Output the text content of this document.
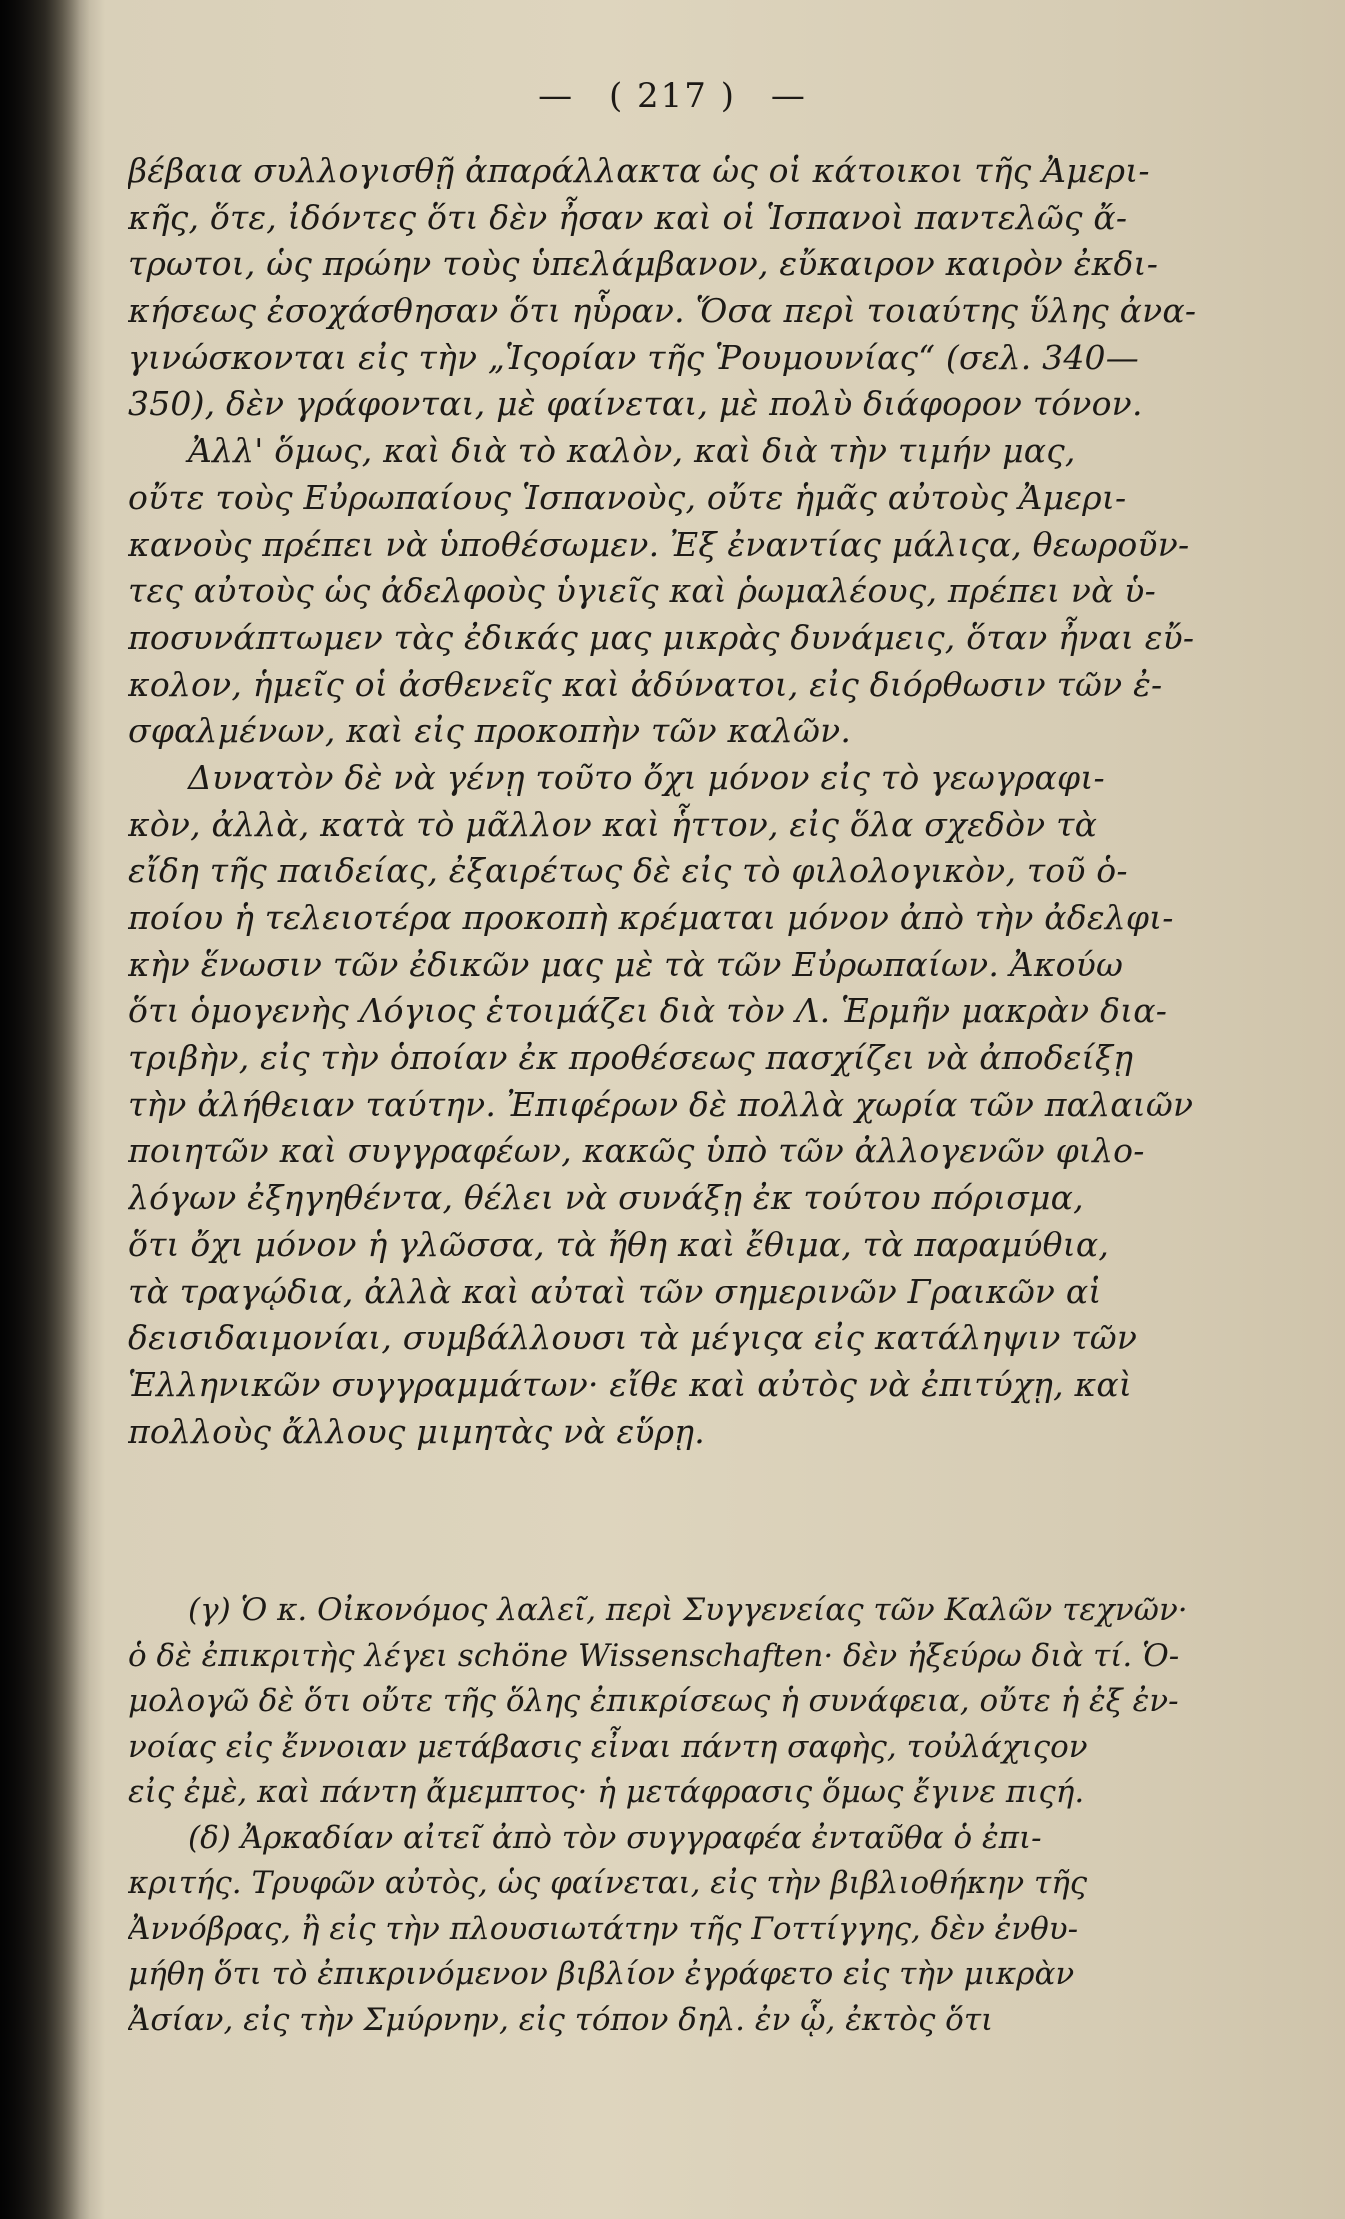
— ( 217 ) —
βέβαια συλλογισθῇ ἀπαράλλακτα ὡς οἱ κάτοικοι τῆς Ἀμερι-
κῆς, ὅτε, ἰδόντες ὅτι δὲν ἦσαν καὶ οἱ Ἱσπανοὶ παντελῶς ἄ-
τρωτοι, ὡς πρώην τοὺς ὑπελάμβανον, εὔκαιρον καιρὸν ἐκδι-
κήσεως ἐσοχάσθησαν ὅτι ηὗραν. Ὅσα περὶ τοιαύτης ὕλης ἀνα-
γινώσκονται εἰς τὴν „Ἱςορίαν τῆς Ῥουμουνίας“ (σελ. 340—
350), δὲν γράφονται, μὲ φαίνεται, μὲ πολὺ διάφορον τόνον.
Ἀλλ' ὅμως, καὶ διὰ τὸ καλὸν, καὶ διὰ τὴν τιμήν μας,
οὔτε τοὺς Εὐρωπαίους Ἱσπανοὺς, οὔτε ἡμᾶς αὐτοὺς Ἀμερι-
κανοὺς πρέπει νὰ ὑποθέσωμεν. Ἐξ ἐναντίας μάλιςα, θεωροῦν-
τες αὐτοὺς ὡς ἀδελφοὺς ὑγιεῖς καὶ ῥωμαλέους, πρέπει νὰ ὑ-
ποσυνάπτωμεν τὰς ἐδικάς μας μικρὰς δυνάμεις, ὅταν ἦναι εὔ-
κολον, ἡμεῖς οἱ ἀσθενεῖς καὶ ἀδύνατοι, εἰς διόρθωσιν τῶν ἐ-
σφαλμένων, καὶ εἰς προκοπὴν τῶν καλῶν.
Δυνατὸν δὲ νὰ γένῃ τοῦτο ὄχι μόνον εἰς τὸ γεωγραφι-
κὸν, ἀλλὰ, κατὰ τὸ μᾶλλον καὶ ἧττον, εἰς ὅλα σχεδὸν τὰ
εἴδη τῆς παιδείας, ἐξαιρέτως δὲ εἰς τὸ φιλολογικὸν, τοῦ ὁ-
ποίου ἡ τελειοτέρα προκοπὴ κρέμαται μόνον ἀπὸ τὴν ἀδελφι-
κὴν ἕνωσιν τῶν ἐδικῶν μας μὲ τὰ τῶν Εὐρωπαίων. Ἀκούω
ὅτι ὁμογενὴς Λόγιος ἑτοιμάζει διὰ τὸν Λ. Ἑρμῆν μακρὰν δια-
τριβὴν, εἰς τὴν ὁποίαν ἐκ προθέσεως πασχίζει νὰ ἀποδείξῃ
τὴν ἀλήθειαν ταύτην. Ἐπιφέρων δὲ πολλὰ χωρία τῶν παλαιῶν
ποιητῶν καὶ συγγραφέων, κακῶς ὑπὸ τῶν ἀλλογενῶν φιλο-
λόγων ἐξηγηθέντα, θέλει νὰ συνάξῃ ἐκ τούτου πόρισμα,
ὅτι ὄχι μόνον ἡ γλῶσσα, τὰ ἤθη καὶ ἔθιμα, τὰ παραμύθια,
τὰ τραγῴδια, ἀλλὰ καὶ αὐταὶ τῶν σημερινῶν Γραικῶν αἱ
δεισιδαιμονίαι, συμβάλλουσι τὰ μέγιςα εἰς κατάληψιν τῶν
Ἑλληνικῶν συγγραμμάτων· εἴθε καὶ αὐτὸς νὰ ἐπιτύχῃ, καὶ
πολλοὺς ἄλλους μιμητὰς νὰ εὕρῃ.
(γ) Ὁ κ. Οἰκονόμος λαλεῖ, περὶ Συγγενείας τῶν Καλῶν τεχνῶν·
ὁ δὲ ἐπικριτὴς λέγει schöne Wissenschaften· δὲν ἠξεύρω διὰ τί. Ὁ-
μολογῶ δὲ ὅτι οὔτε τῆς ὅλης ἐπικρίσεως ἡ συνάφεια, οὔτε ἡ ἐξ ἐν-
νοίας εἰς ἔννοιαν μετάβασις εἶναι πάντη σαφὴς, τοὐλάχιςον
εἰς ἐμὲ, καὶ πάντη ἄμεμπτος· ἡ μετάφρασις ὅμως ἔγινε πιςή.
(δ) Ἀρκαδίαν αἰτεῖ ἀπὸ τὸν συγγραφέα ἐνταῦθα ὁ ἐπι-
κριτής. Τρυφῶν αὐτὸς, ὡς φαίνεται, εἰς τὴν βιβλιοθήκην τῆς
Ἀννόβρας, ἢ εἰς τὴν πλουσιωτάτην τῆς Γοττίγγης, δὲν ἐνθυ-
μήθη ὅτι τὸ ἐπικρινόμενον βιβλίον ἐγράφετο εἰς τὴν μικρὰν
Ἀσίαν, εἰς τὴν Σμύρνην, εἰς τόπον δηλ. ἐν ᾧ, ἐκτὸς ὅτι
